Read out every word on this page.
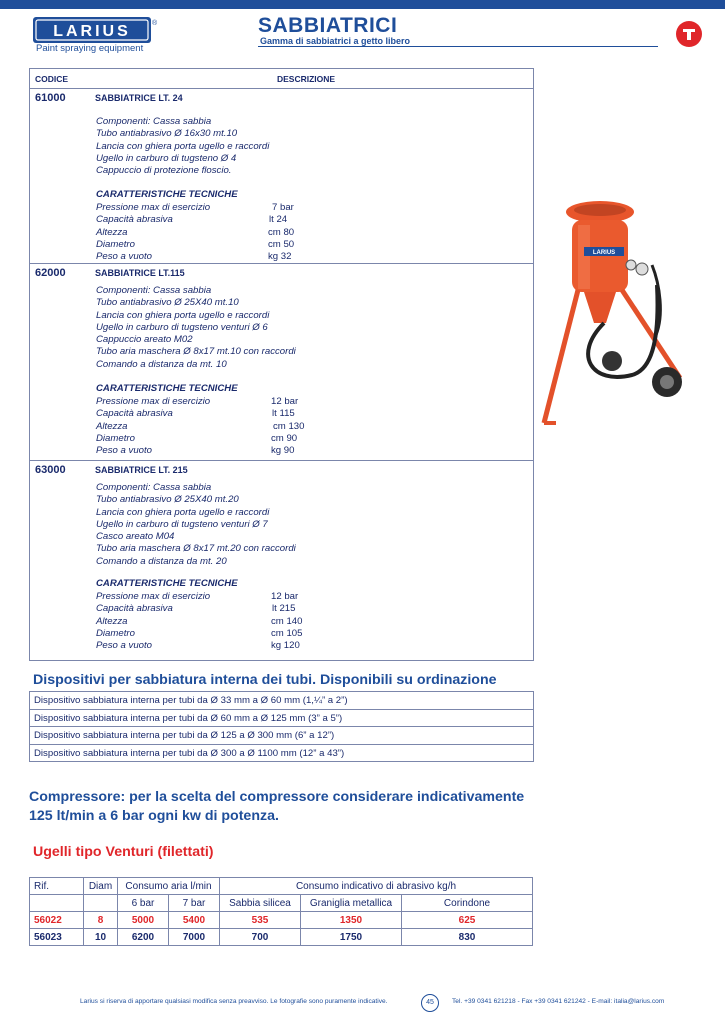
LARIUS	®
Paint spraying equipment
SABBIATRICI
Gamma di sabbiatrici a getto libero
CODICE	DESCRIZIONE
61000	SABBIATRICE LT. 24
Componenti: Cassa sabbia
Tubo antiabrasivo Ø 16x30 mt.10
Lancia con ghiera porta ugello e raccordi
Ugello in carburo di tugsteno Ø 4
Cappuccio di protezione floscio.
CARATTERISTICHE TECNICHE
Pressione max di esercizio	7 bar
Capacità abrasiva	lt 24
Altezza	cm 80
Diametro	cm 50
Peso a vuoto	kg 32
62000	SABBIATRICE LT.115
Componenti: Cassa sabbia
Tubo antiabrasivo Ø 25X40 mt.10
Lancia con ghiera porta ugello e raccordi
Ugello in carburo di tugsteno venturi Ø 6
Cappuccio areato M02
Tubo aria maschera Ø 8x17 mt.10 con raccordi
Comando a distanza da mt. 10
CARATTERISTICHE TECNICHE
Pressione max di esercizio	12 bar
Capacità abrasiva	lt 115
Altezza	cm 130
Diametro	cm 90
Peso a vuoto	kg 90
63000	SABBIATRICE LT. 215
Componenti: Cassa sabbia
Tubo antiabrasivo Ø 25X40 mt.20
Lancia con ghiera porta ugello e raccordi
Ugello in carburo di tugsteno venturi Ø 7
Casco areato M04
Tubo aria maschera Ø 8x17 mt.20 con raccordi
Comando a distanza da mt. 20
CARATTERISTICHE TECNICHE
Pressione max di esercizio	12 bar
Capacità abrasiva	lt 215
Altezza	cm 140
Diametro	cm 105
Peso a vuoto	kg 120
LARIUS
Dispositivi per sabbiatura interna dei tubi. Disponibili su ordinazione
Dispositivo sabbiatura interna per tubi da Ø 33 mm a Ø 60 mm (1,¼” a 2”)
Dispositivo sabbiatura interna per tubi da Ø 60 mm a Ø 125 mm (3” a 5”)
Dispositivo sabbiatura interna per tubi da Ø 125 a Ø 300 mm (6” a 12”)
Dispositivo sabbiatura interna per tubi da Ø 300 a Ø 1100 mm (12” a 43”)
Compressore: per la scelta del compressore considerare indicativamente
125 lt/min a 6 bar ogni kw di potenza.
Ugelli tipo Venturi (filettati)
Rif.	Diam	Consumo aria l/min		Consumo indicativo di abrasivo kg/h		
		6 bar	7 bar	Sabbia silicea	Graniglia metallica	Corindone
56022	8	5000	5400	535	1350	625
56023	10	6200	7000	700	1750	830
Larius si riserva di apportare qualsiasi modifica senza preavviso. Le fotografie sono puramente indicative.	45	Tel. +39 0341 621218 - Fax +39 0341 621242 - E-mail: italia@larius.com
